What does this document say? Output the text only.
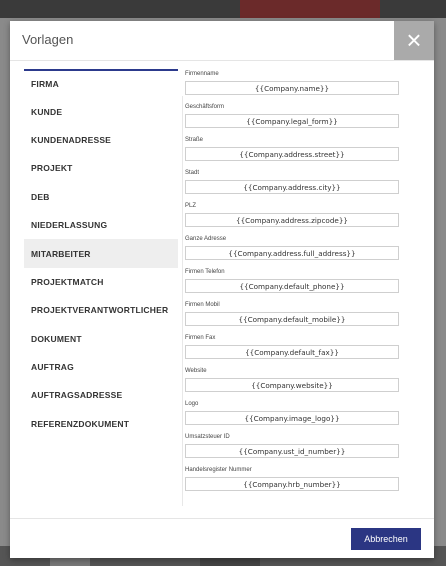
Vorlagen	×
FIRMA
KUNDE
KUNDENADRESSE
PROJEKT
DEB
NIEDERLASSUNG
MITARBEITER
PROJEKTMATCH
PROJEKTVERANTWORTLICHER
DOKUMENT
AUFTRAG
AUFTRAGSADRESSE
REFERENZDOKUMENT
Firmenname
{{Company.name}}
Geschäftsform
{{Company.legal_form}}
Straße
{{Company.address.street}}
Stadt
{{Company.address.city}}
PLZ
{{Company.address.zipcode}}
Ganze Adresse
{{Company.address.full_address}}
Firmen Telefon
{{Company.default_phone}}
Firmen Mobil
{{Company.default_mobile}}
Firmen Fax
{{Company.default_fax}}
Website
{{Company.website}}
Logo
{{Company.image_logo}}
Umsatzsteuer ID
{{Company.ust_id_number}}
Handelsregister Nummer
{{Company.hrb_number}}
Abbrechen
